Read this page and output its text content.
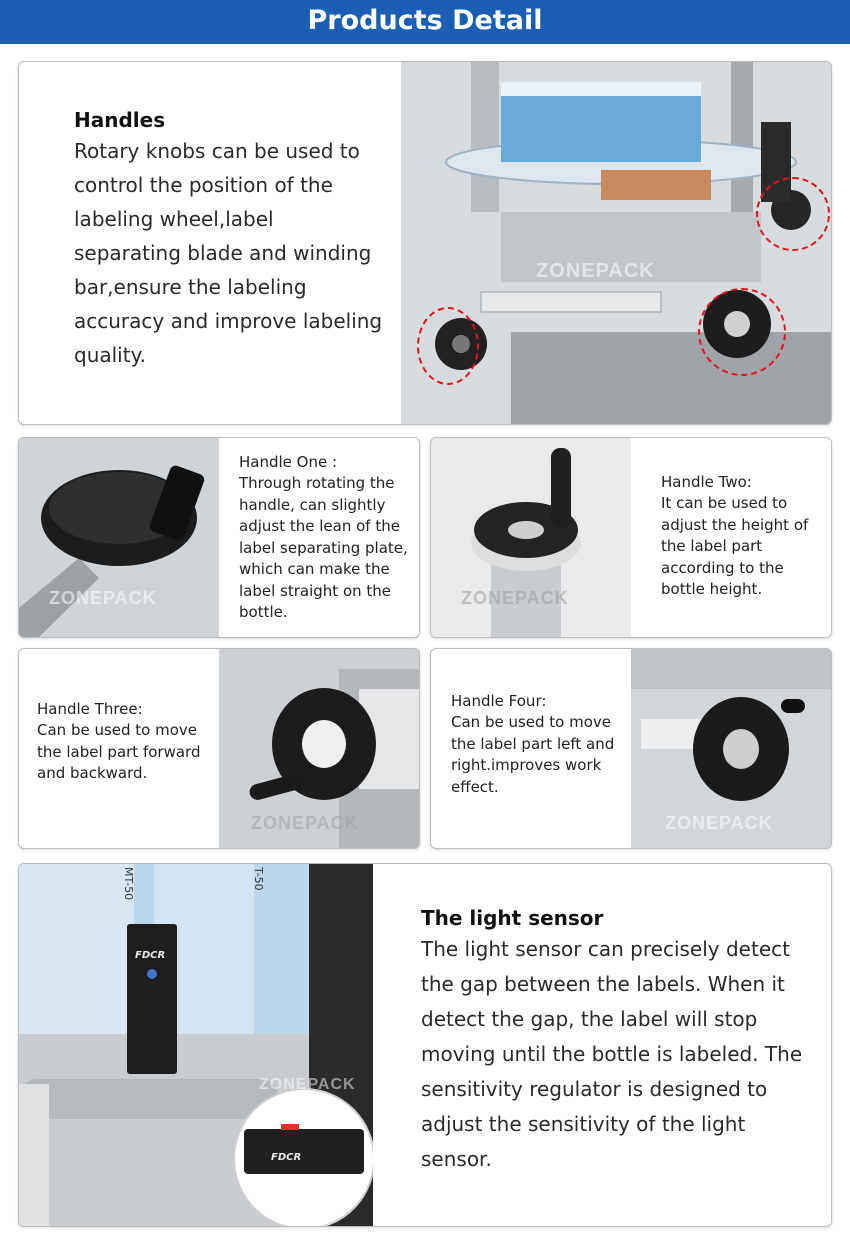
Products Detail
Handles
Rotary knobs can be used to control the position of the labeling wheel,label separating blade and winding bar,ensure the labeling accuracy and improve labeling quality.
ZONEPACK
ZONEPACK
Handle One :
Through rotating the handle, can slightly adjust the lean of the label separating plate, which can make the label straight on the bottle.
ZONEPACK
Handle Two:
It can be used to adjust the height of the label part according to the bottle height.
Handle Three:
Can be used to move the label part forward and backward.
ZONEPACK
Handle Four:
Can be used to move the label part left and right.improves work effect.
ZONEPACK
MT-50	T-50
FDCR
FDCR
ZONEPACK
The light sensor
The light sensor can precisely detect the gap between the labels. When it detect the gap, the label will stop moving until the bottle is labeled. The sensitivity regulator is designed to adjust the sensitivity of the light sensor.
